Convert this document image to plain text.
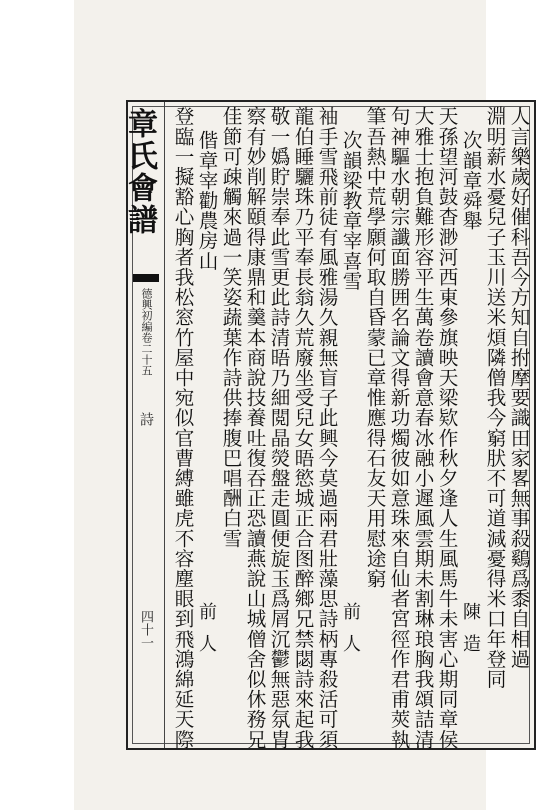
章氏會譜
德興初編卷二十五
詩
四十一	人言樂歲好催科吾今方知自拊摩要識田家畧無事殺鷄爲黍自相過
淵明薪水憂兒子玉川送米煩隣僧我今窮肰不可道減憂得米口年登同
次韻章舜舉
陳造
天孫望河鼓杳渺河西東參旗映天梁欵作秋夕逢人生風馬牛未害心期同章侯
大雅士抱負難形容平生萬卷讀會意春冰融小遲風雲期未割琳琅胸我頌詰清
句神驅水朝宗讖面勝囲名論文得新功燭彼如意珠來自仙者宮徑作君甫莢執
筆吾熱中荒學願何取自昏蒙已章惟應得石友天用慰途窮
次韻梁教章宰喜雪
前人
袖手雪飛前徒有風雅湯久親無盲子此興今莫過兩君壯藻思詩柄專殺活可須
龍伯睡驪珠乃平奉長翁久荒廢坐受兒女晤慾城正合图醉鄉兄禁閟詩來起我
敬一嬀貯崇奉此雪更此詩清晤乃細閲晶熒盤走圓便旋玉爲屑沉鬱無惡氛胄
察有妙削解頤得康鼎和羹本商說技養吐復吞正恐讀燕說山城僧舍似休務兄
佳節可疎觸來過一笑姿蔬葉作詩供捧腹巴唱酬白雪
偕章宰勸農房山
前人
登臨一擬豁心胸者我松窓竹屋中宛似官曹縛雖虎不容塵眼到飛鴻綿延天際
